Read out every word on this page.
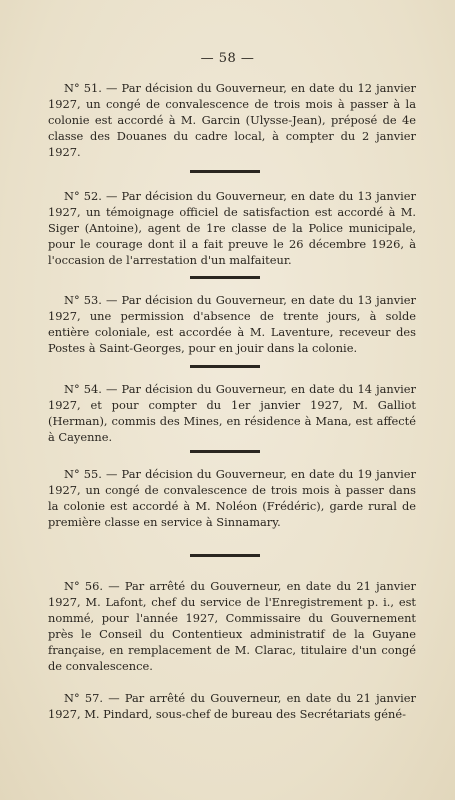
— 58 —

N° 51. — Par décision du Gouverneur, en date du 12 janvier 1927, un congé de convalescence de trois mois à passer à la colonie est accordé à M. Garcin (Ulysse-Jean), préposé de 4e classe des Douanes du cadre local, à compter du 2 janvier 1927.

N° 52. — Par décision du Gouverneur, en date du 13 janvier 1927, un témoignage officiel de satisfaction est accordé à M. Siger (Antoine), agent de 1re classe de la Police municipale, pour le courage dont il a fait preuve le 26 décembre 1926, à l'occasion de l'arrestation d'un malfaiteur.

N° 53. — Par décision du Gouverneur, en date du 13 janvier 1927, une permission d'absence de trente jours, à solde entière coloniale, est accordée à M. Laventure, receveur des Postes à Saint-Georges, pour en jouir dans la colonie.

N° 54. — Par décision du Gouverneur, en date du 14 janvier 1927, et pour compter du 1er janvier 1927, M. Galliot (Herman), commis des Mines, en résidence à Mana, est affecté à Cayenne.

N° 55. — Par décision du Gouverneur, en date du 19 janvier 1927, un congé de convalescence de trois mois à passer dans la colonie est accordé à M. Noléon (Frédéric), garde rural de première classe en service à Sinnamary.

N° 56. — Par arrêté du Gouverneur, en date du 21 janvier 1927, M. Lafont, chef du service de l'Enregistrement p. i., est nommé, pour l'année 1927, Commissaire du Gouvernement près le Conseil du Contentieux administratif de la Guyane française, en remplacement de M. Clarac, titulaire d'un congé de convalescence.

N° 57. — Par arrêté du Gouverneur, en date du 21 janvier 1927, M. Pindard, sous-chef de bureau des Secrétariats géné-
